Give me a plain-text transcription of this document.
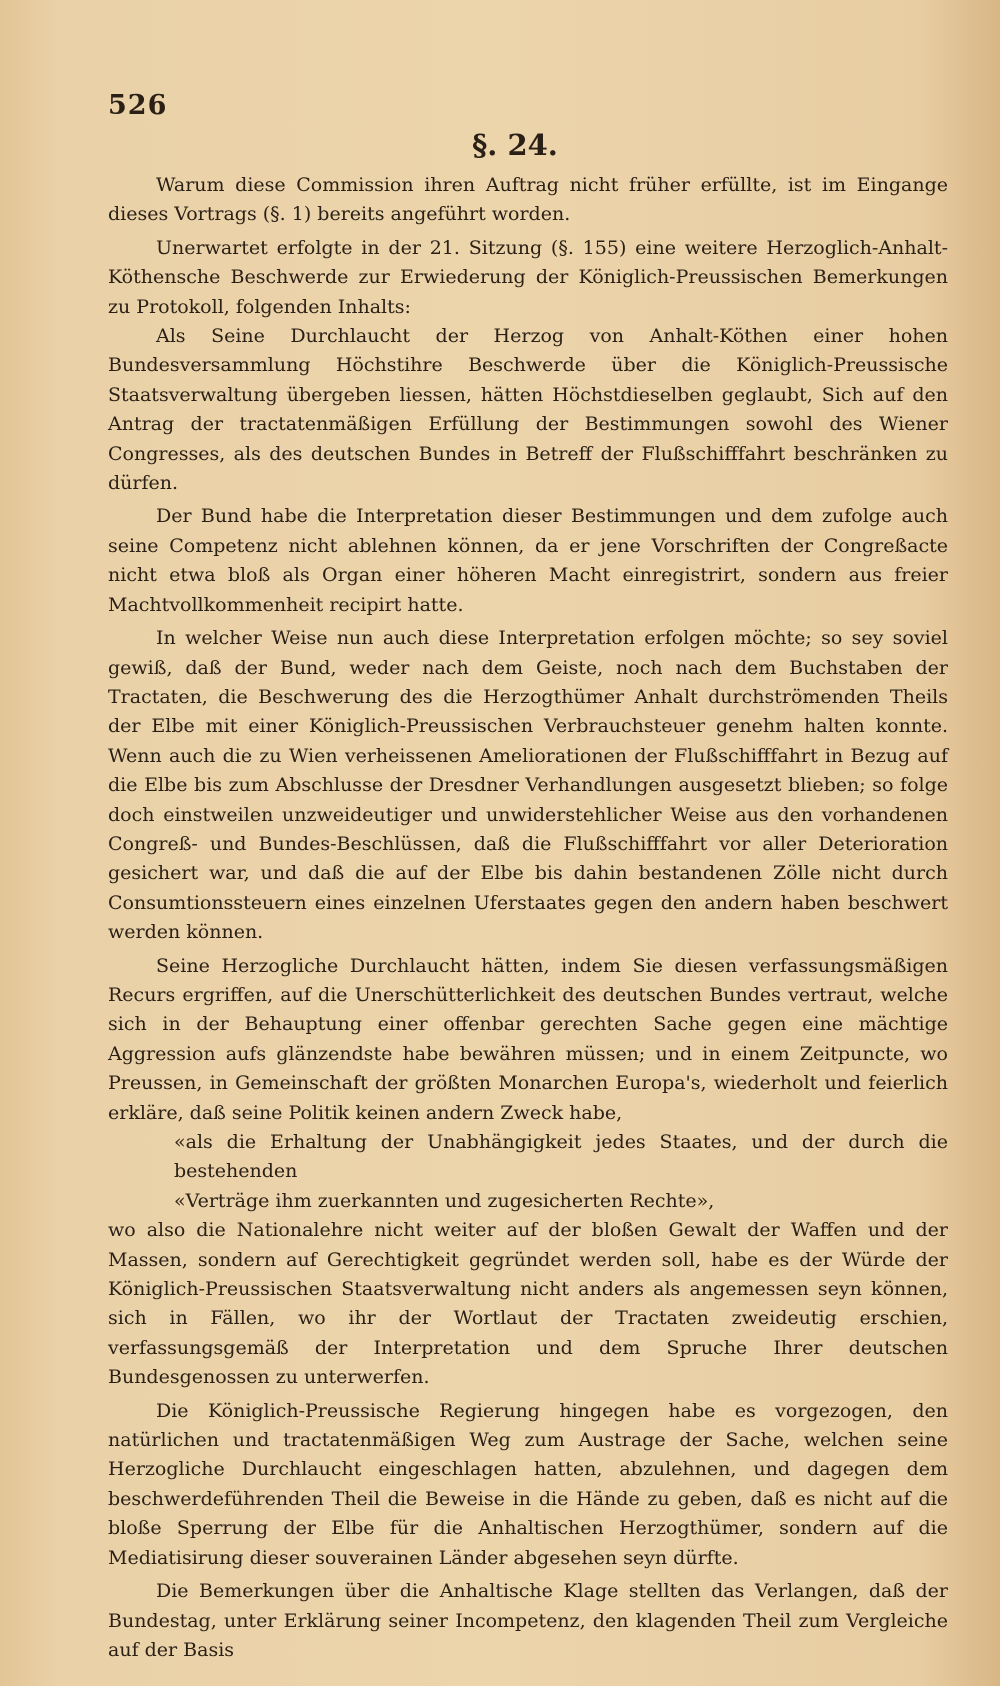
526
§. 24.

Warum diese Commission ihren Auftrag nicht früher erfüllte, ist im Eingange dieses Vortrags (§. 1) bereits angeführt worden.

Unerwartet erfolgte in der 21. Sitzung (§. 155) eine weitere Herzoglich-Anhalt-Köthensche Beschwerde zur Erwiederung der Königlich-Preussischen Bemerkungen zu Protokoll, folgenden Inhalts:

Als Seine Durchlaucht der Herzog von Anhalt-Köthen einer hohen Bundesversammlung Höchstihre Beschwerde über die Königlich-Preussische Staatsverwaltung übergeben liessen, hätten Höchstdieselben geglaubt, Sich auf den Antrag der tractatenmäßigen Erfüllung der Bestimmungen sowohl des Wiener Congresses, als des deutschen Bundes in Betreff der Flußschifffahrt beschränken zu dürfen.

Der Bund habe die Interpretation dieser Bestimmungen und dem zufolge auch seine Competenz nicht ablehnen können, da er jene Vorschriften der Congreßacte nicht etwa bloß als Organ einer höheren Macht einregistrirt, sondern aus freier Machtvollkommenheit recipirt hatte.

In welcher Weise nun auch diese Interpretation erfolgen möchte; so sey soviel gewiß, daß der Bund, weder nach dem Geiste, noch nach dem Buchstaben der Tractaten, die Beschwerung des die Herzogthümer Anhalt durchströmenden Theils der Elbe mit einer Königlich-Preussischen Verbrauchsteuer genehm halten konnte. Wenn auch die zu Wien verheissenen Ameliorationen der Flußschifffahrt in Bezug auf die Elbe bis zum Abschlusse der Dresdner Verhandlungen ausgesetzt blieben; so folge doch einstweilen unzweideutiger und unwiderstehlicher Weise aus den vorhandenen Congreß- und Bundes-Beschlüssen, daß die Flußschifffahrt vor aller Deterioration gesichert war, und daß die auf der Elbe bis dahin bestandenen Zölle nicht durch Consumtionssteuern eines einzelnen Uferstaates gegen den andern haben beschwert werden können.

Seine Herzogliche Durchlaucht hätten, indem Sie diesen verfassungsmäßigen Recurs ergriffen, auf die Unerschütterlichkeit des deutschen Bundes vertraut, welche sich in der Behauptung einer offenbar gerechten Sache gegen eine mächtige Aggression aufs glänzendste habe bewähren müssen; und in einem Zeitpuncte, wo Preussen, in Gemeinschaft der größten Monarchen Europa's, wiederholt und feierlich erkläre, daß seine Politik keinen andern Zweck habe,

«als die Erhaltung der Unabhängigkeit jedes Staates, und der durch die bestehenden

«Verträge ihm zuerkannten und zugesicherten Rechte»,

wo also die Nationalehre nicht weiter auf der bloßen Gewalt der Waffen und der Massen, sondern auf Gerechtigkeit gegründet werden soll, habe es der Würde der Königlich-Preussischen Staatsverwaltung nicht anders als angemessen seyn können, sich in Fällen, wo ihr der Wortlaut der Tractaten zweideutig erschien, verfassungsgemäß der Interpretation und dem Spruche Ihrer deutschen Bundesgenossen zu unterwerfen.

Die Königlich-Preussische Regierung hingegen habe es vorgezogen, den natürlichen und tractatenmäßigen Weg zum Austrage der Sache, welchen seine Herzogliche Durchlaucht eingeschlagen hatten, abzulehnen, und dagegen dem beschwerdeführenden Theil die Beweise in die Hände zu geben, daß es nicht auf die bloße Sperrung der Elbe für die Anhaltischen Herzogthümer, sondern auf die Mediatisirung dieser souverainen Länder abgesehen seyn dürfte.

Die Bemerkungen über die Anhaltische Klage stellten das Verlangen, daß der Bundestag, unter Erklärung seiner Incompetenz, den klagenden Theil zum Vergleiche auf der Basis
